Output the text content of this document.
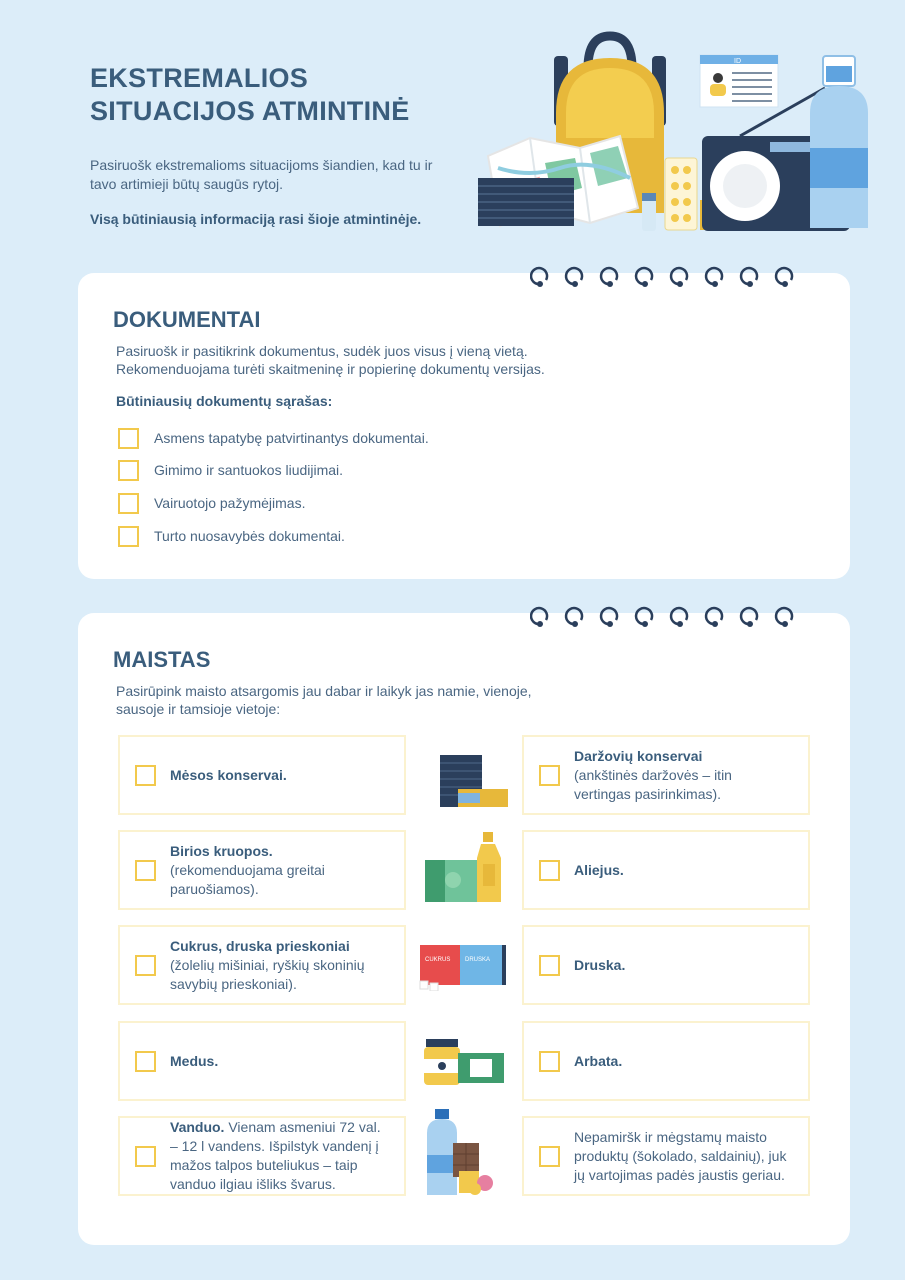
EKSTREMALIOS
SITUACIJOS ATMINTINĖ
Pasiruošk ekstremalioms situacijoms šiandien, kad tu ir tavo artimieji būtų saugūs rytoj.
Visą būtiniausią informaciją rasi šioje atmintinėje.
ID
DOKUMENTAI

Pasiruošk ir pasitikrink dokumentus, sudėk juos visus į vieną vietą.

Rekomenduojama turėti skaitmeninę ir popierinę dokumentų versijas.

Būtiniausių dokumentų sąrašas:
Asmens tapatybę patvirtinantys dokumentai.
Gimimo ir santuokos liudijimai.
Vairuotojo pažymėjimas.
Turto nuosavybės dokumentai.
MAISTAS

Pasirūpink maisto atsargomis jau dabar ir laikyk jas namie, vienoje,

sausoje ir tamsioje vietoje:

Mėsos konservai.
Daržovių konservai
(ankštinės daržovės – itin
vertingas pasirinkimas).
Birios kruopos.
(rekomenduojama greitai
paruošiamos).
Aliejus.
Cukrus, druska prieskoniai
(žolelių mišiniai, ryškių skoninių
savybių prieskoniai).
Druska.
Medus.	Arbata.
Vanduo. Vienam asmeniui 72 val.
– 12 l vandens. Išpilstyk vandenį į
mažos talpos buteliukus – taip
vanduo ilgiau išliks švarus.
Nepamiršk ir mėgstamų maisto
produktų (šokolado, saldainių), juk
jų vartojimas padės jaustis geriau.
CUKRUS DRUSKA
